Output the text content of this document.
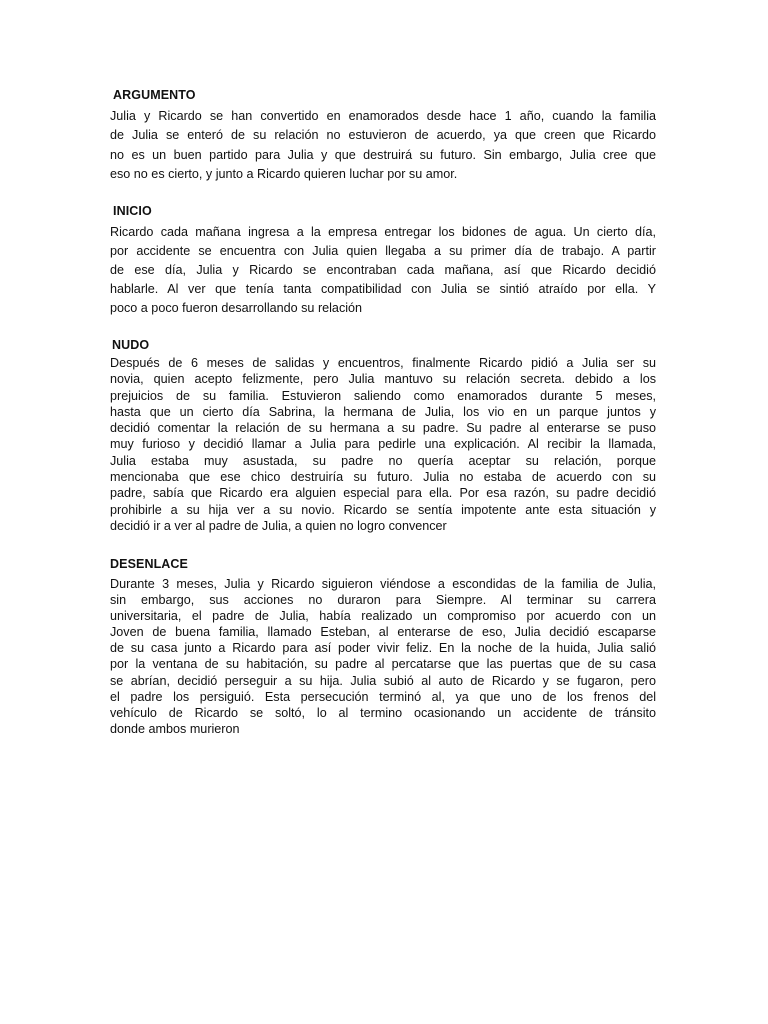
ARGUMENTO
Julia y Ricardo se han convertido en enamorados desde hace 1 año, cuando la familia
de Julia se enteró de su relación no estuvieron de acuerdo, ya que creen que Ricardo
no es un buen partido para Julia y que destruirá su futuro. Sin embargo, Julia cree que
eso no es cierto, y junto a Ricardo quieren luchar por su amor.
INICIO
Ricardo cada mañana ingresa a la empresa entregar los bidones de agua. Un cierto día,
por accidente se encuentra con Julia quien llegaba a su primer día de trabajo. A partir
de ese día, Julia y Ricardo se encontraban cada mañana, así que Ricardo decidió
hablarle. Al ver que tenía tanta compatibilidad con Julia se sintió atraído por ella. Y
poco a poco fueron desarrollando su relación
NUDO
Después de 6 meses de salidas y encuentros, finalmente Ricardo pidió a Julia ser su
novia, quien acepto felizmente, pero Julia mantuvo su relación secreta. debido a los
prejuicios de su familia. Estuvieron saliendo como enamorados durante 5 meses,
hasta que un cierto día Sabrina, la hermana de Julia, los vio en un parque juntos y
decidió comentar la relación de su hermana a su padre. Su padre al enterarse se puso
muy furioso y decidió llamar a Julia para pedirle una explicación. Al recibir la llamada,
Julia estaba muy asustada, su padre no quería aceptar su relación, porque
mencionaba que ese chico destruiría su futuro. Julia no estaba de acuerdo con su
padre, sabía que Ricardo era alguien especial para ella. Por esa razón, su padre decidió
prohibirle a su hija ver a su novio. Ricardo se sentía impotente ante esta situación y
decidió ir a ver al padre de Julia, a quien no logro convencer
DESENLACE
Durante 3 meses, Julia y Ricardo siguieron viéndose a escondidas de la familia de Julia,
sin embargo, sus acciones no duraron para Siempre. Al terminar su carrera
universitaria, el padre de Julia, había realizado un compromiso por acuerdo con un
Joven de buena familia, llamado Esteban, al enterarse de eso, Julia decidió escaparse
de su casa junto a Ricardo para así poder vivir feliz. En la noche de la huida, Julia salió
por la ventana de su habitación, su padre al percatarse que las puertas que de su casa
se abrían, decidió perseguir a su hija. Julia subió al auto de Ricardo y se fugaron, pero
el padre los persiguió. Esta persecución terminó al, ya que uno de los frenos del
vehículo de Ricardo se soltó, lo al termino ocasionando un accidente de tránsito
donde ambos murieron
